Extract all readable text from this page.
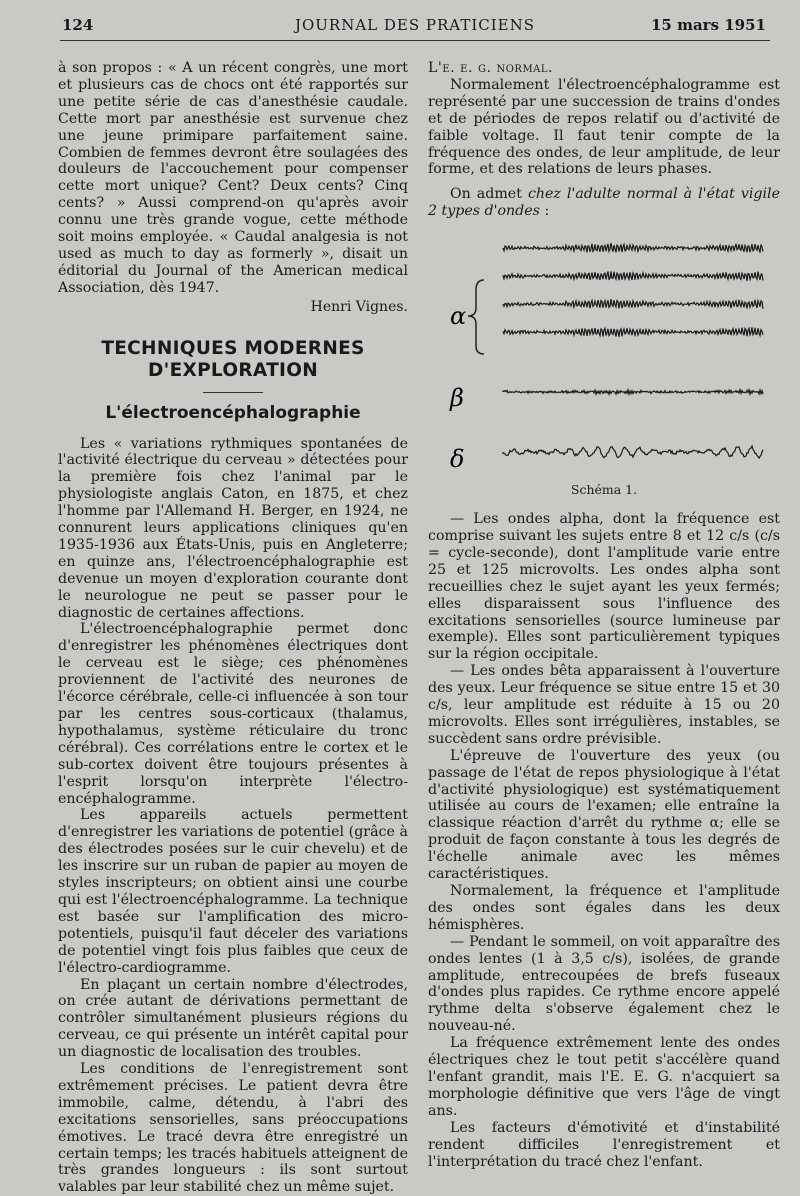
124	JOURNAL DES PRATICIENS	15 mars 1951

à son propos : « A un récent congrès, une mort et plusieurs cas de chocs ont été rapportés sur une petite série de cas d'anesthésie caudale. Cette mort par anesthésie est survenue chez une jeune primipare parfaitement saine. Combien de femmes devront être soulagées des douleurs de l'accouchement pour compenser cette mort unique? Cent? Deux cents? Cinq cents? » Aussi comprend-on qu'après avoir connu une très grande vogue, cette méthode soit moins employée. « Caudal analgesia is not used as much to day as formerly », disait un éditorial du Journal of the American medical Association, dès 1947.

Henri Vignes.

TECHNIQUES MODERNES
D'EXPLORATION
L'électroencéphalographie

Les « variations rythmiques spontanées de l'activité électrique du cerveau » détectées pour la première fois chez l'animal par le physiologiste anglais Caton, en 1875, et chez l'homme par l'Allemand H. Berger, en 1924, ne connurent leurs applications cliniques qu'en 1935-1936 aux États-Unis, puis en Angleterre; en quinze ans, l'électroencéphalographie est devenue un moyen d'exploration courante dont le neurologue ne peut se passer pour le diagnostic de certaines affections.

L'électroencéphalographie permet donc d'enregistrer les phénomènes électriques dont le cerveau est le siège; ces phénomènes proviennent de l'activité des neurones de l'écorce cérébrale, celle-ci influencée à son tour par les centres sous-corticaux (thalamus, hypothalamus, système réticulaire du tronc cérébral). Ces corrélations entre le cortex et le sub-cortex doivent être toujours présentes à l'esprit lorsqu'on interprète l'électro-encéphalogramme.

Les appareils actuels permettent d'enregistrer les variations de potentiel (grâce à des électrodes posées sur le cuir chevelu) et de les inscrire sur un ruban de papier au moyen de styles inscripteurs; on obtient ainsi une courbe qui est l'électroencéphalogramme. La technique est basée sur l'amplification des micro-potentiels, puisqu'il faut déceler des variations de potentiel vingt fois plus faibles que ceux de l'électro-cardiogramme.

En plaçant un certain nombre d'électrodes, on crée autant de dérivations permettant de contrôler simultanément plusieurs régions du cerveau, ce qui présente un intérêt capital pour un diagnostic de localisation des troubles.

Les conditions de l'enregistrement sont extrêmement précises. Le patient devra être immobile, calme, détendu, à l'abri des excitations sensorielles, sans préoccupations émotives. Le tracé devra être enregistré un certain temps; les tracés habituels atteignent de très grandes longueurs : ils sont surtout valables par leur stabilité chez un même sujet.

L'e. e. g. normal.

Normalement l'électroencéphalogramme est représenté par une succession de trains d'ondes et de périodes de repos relatif ou d'activité de faible voltage. Il faut tenir compte de la fréquence des ondes, de leur amplitude, de leur forme, et des relations de leurs phases.

On admet chez l'adulte normal à l'état vigile 2 types d'ondes :

α
β
δ
Schéma 1.

— Les ondes alpha, dont la fréquence est comprise suivant les sujets entre 8 et 12 c/s (c/s = cycle-seconde), dont l'amplitude varie entre 25 et 125 microvolts. Les ondes alpha sont recueillies chez le sujet ayant les yeux fermés; elles disparaissent sous l'influence des excitations sensorielles (source lumineuse par exemple). Elles sont particulièrement typiques sur la région occipitale.

— Les ondes bêta apparaissent à l'ouverture des yeux. Leur fréquence se situe entre 15 et 30 c/s, leur amplitude est réduite à 15 ou 20 microvolts. Elles sont irrégulières, instables, se succèdent sans ordre prévisible.

L'épreuve de l'ouverture des yeux (ou passage de l'état de repos physiologique à l'état d'activité physiologique) est systématiquement utilisée au cours de l'examen; elle entraîne la classique réaction d'arrêt du rythme α; elle se produit de façon constante à tous les degrés de l'échelle animale avec les mêmes caractéristiques.

Normalement, la fréquence et l'amplitude des ondes sont égales dans les deux hémisphères.

— Pendant le sommeil, on voit apparaître des ondes lentes (1 à 3,5 c/s), isolées, de grande amplitude, entrecoupées de brefs fuseaux d'ondes plus rapides. Ce rythme encore appelé rythme delta s'observe également chez le nouveau-né.

La fréquence extrêmement lente des ondes électriques chez le tout petit s'accélère quand l'enfant grandit, mais l'E. E. G. n'acquiert sa morphologie définitive que vers l'âge de vingt ans.

Les facteurs d'émotivité et d'instabilité rendent difficiles l'enregistrement et l'interprétation du tracé chez l'enfant.
